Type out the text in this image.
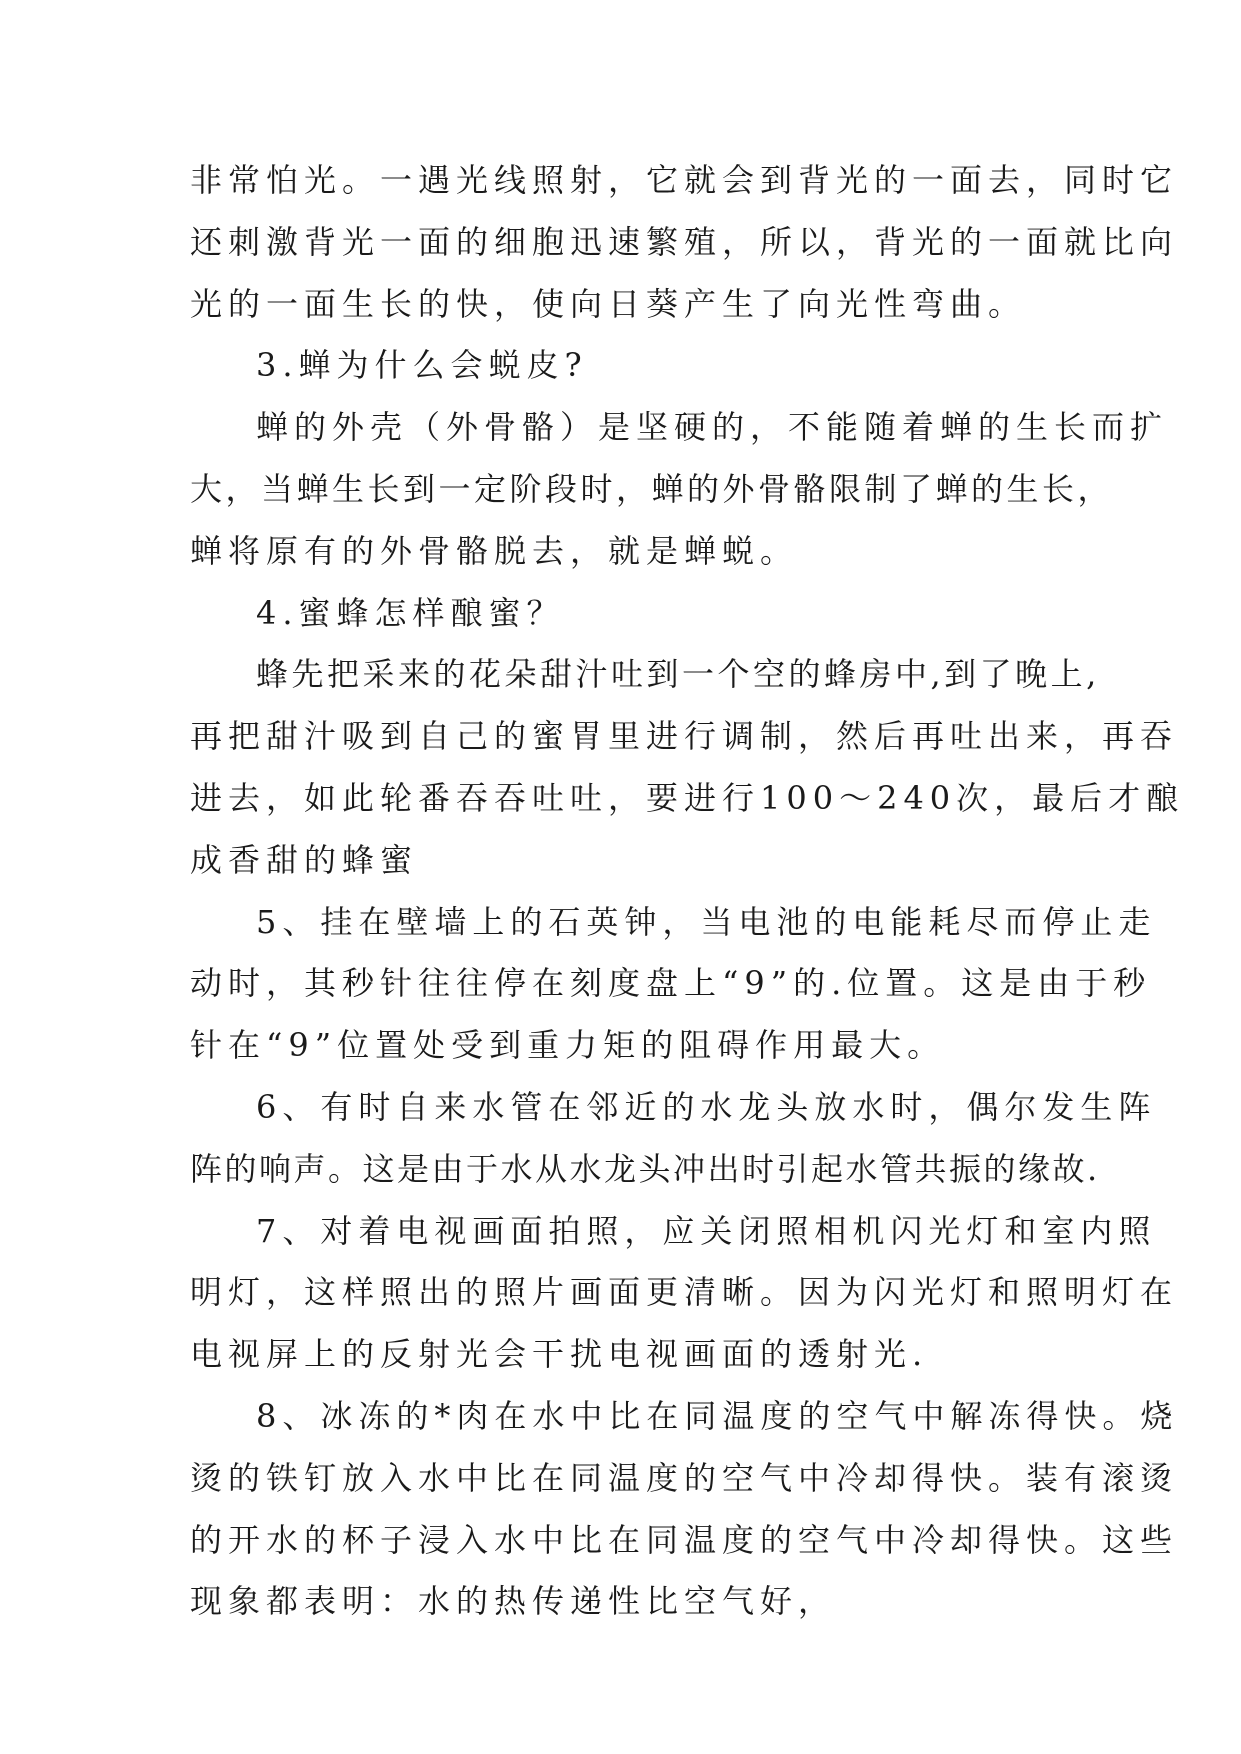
非常怕光。一遇光线照射，它就会到背光的一面去，同时它
还刺激背光一面的细胞迅速繁殖，所以，背光的一面就比向
光的一面生长的快，使向日葵产生了向光性弯曲。
3.蝉为什么会蜕皮?
蝉的外壳（外骨骼）是坚硬的，不能随着蝉的生长而扩
大，当蝉生长到一定阶段时，蝉的外骨骼限制了蝉的生长，
蝉将原有的外骨骼脱去，就是蝉蜕。
4.蜜蜂怎样酿蜜？
蜂先把采来的花朵甜汁吐到一个空的蜂房中,到了晚上,
再把甜汁吸到自己的蜜胃里进行调制，然后再吐出来，再吞
进去，如此轮番吞吞吐吐，要进行100～240次，最后才酿
成香甜的蜂蜜
5、挂在壁墙上的石英钟，当电池的电能耗尽而停止走
动时，其秒针往往停在刻度盘上“9”的.位置。这是由于秒
针在“9”位置处受到重力矩的阻碍作用最大。
6、有时自来水管在邻近的水龙头放水时，偶尔发生阵
阵的响声。这是由于水从水龙头冲出时引起水管共振的缘故.
7、对着电视画面拍照，应关闭照相机闪光灯和室内照
明灯，这样照出的照片画面更清晰。因为闪光灯和照明灯在
电视屏上的反射光会干扰电视画面的透射光.
8、冰冻的*肉在水中比在同温度的空气中解冻得快。烧
烫的铁钉放入水中比在同温度的空气中冷却得快。装有滚烫
的开水的杯子浸入水中比在同温度的空气中冷却得快。这些
现象都表明：水的热传递性比空气好，
